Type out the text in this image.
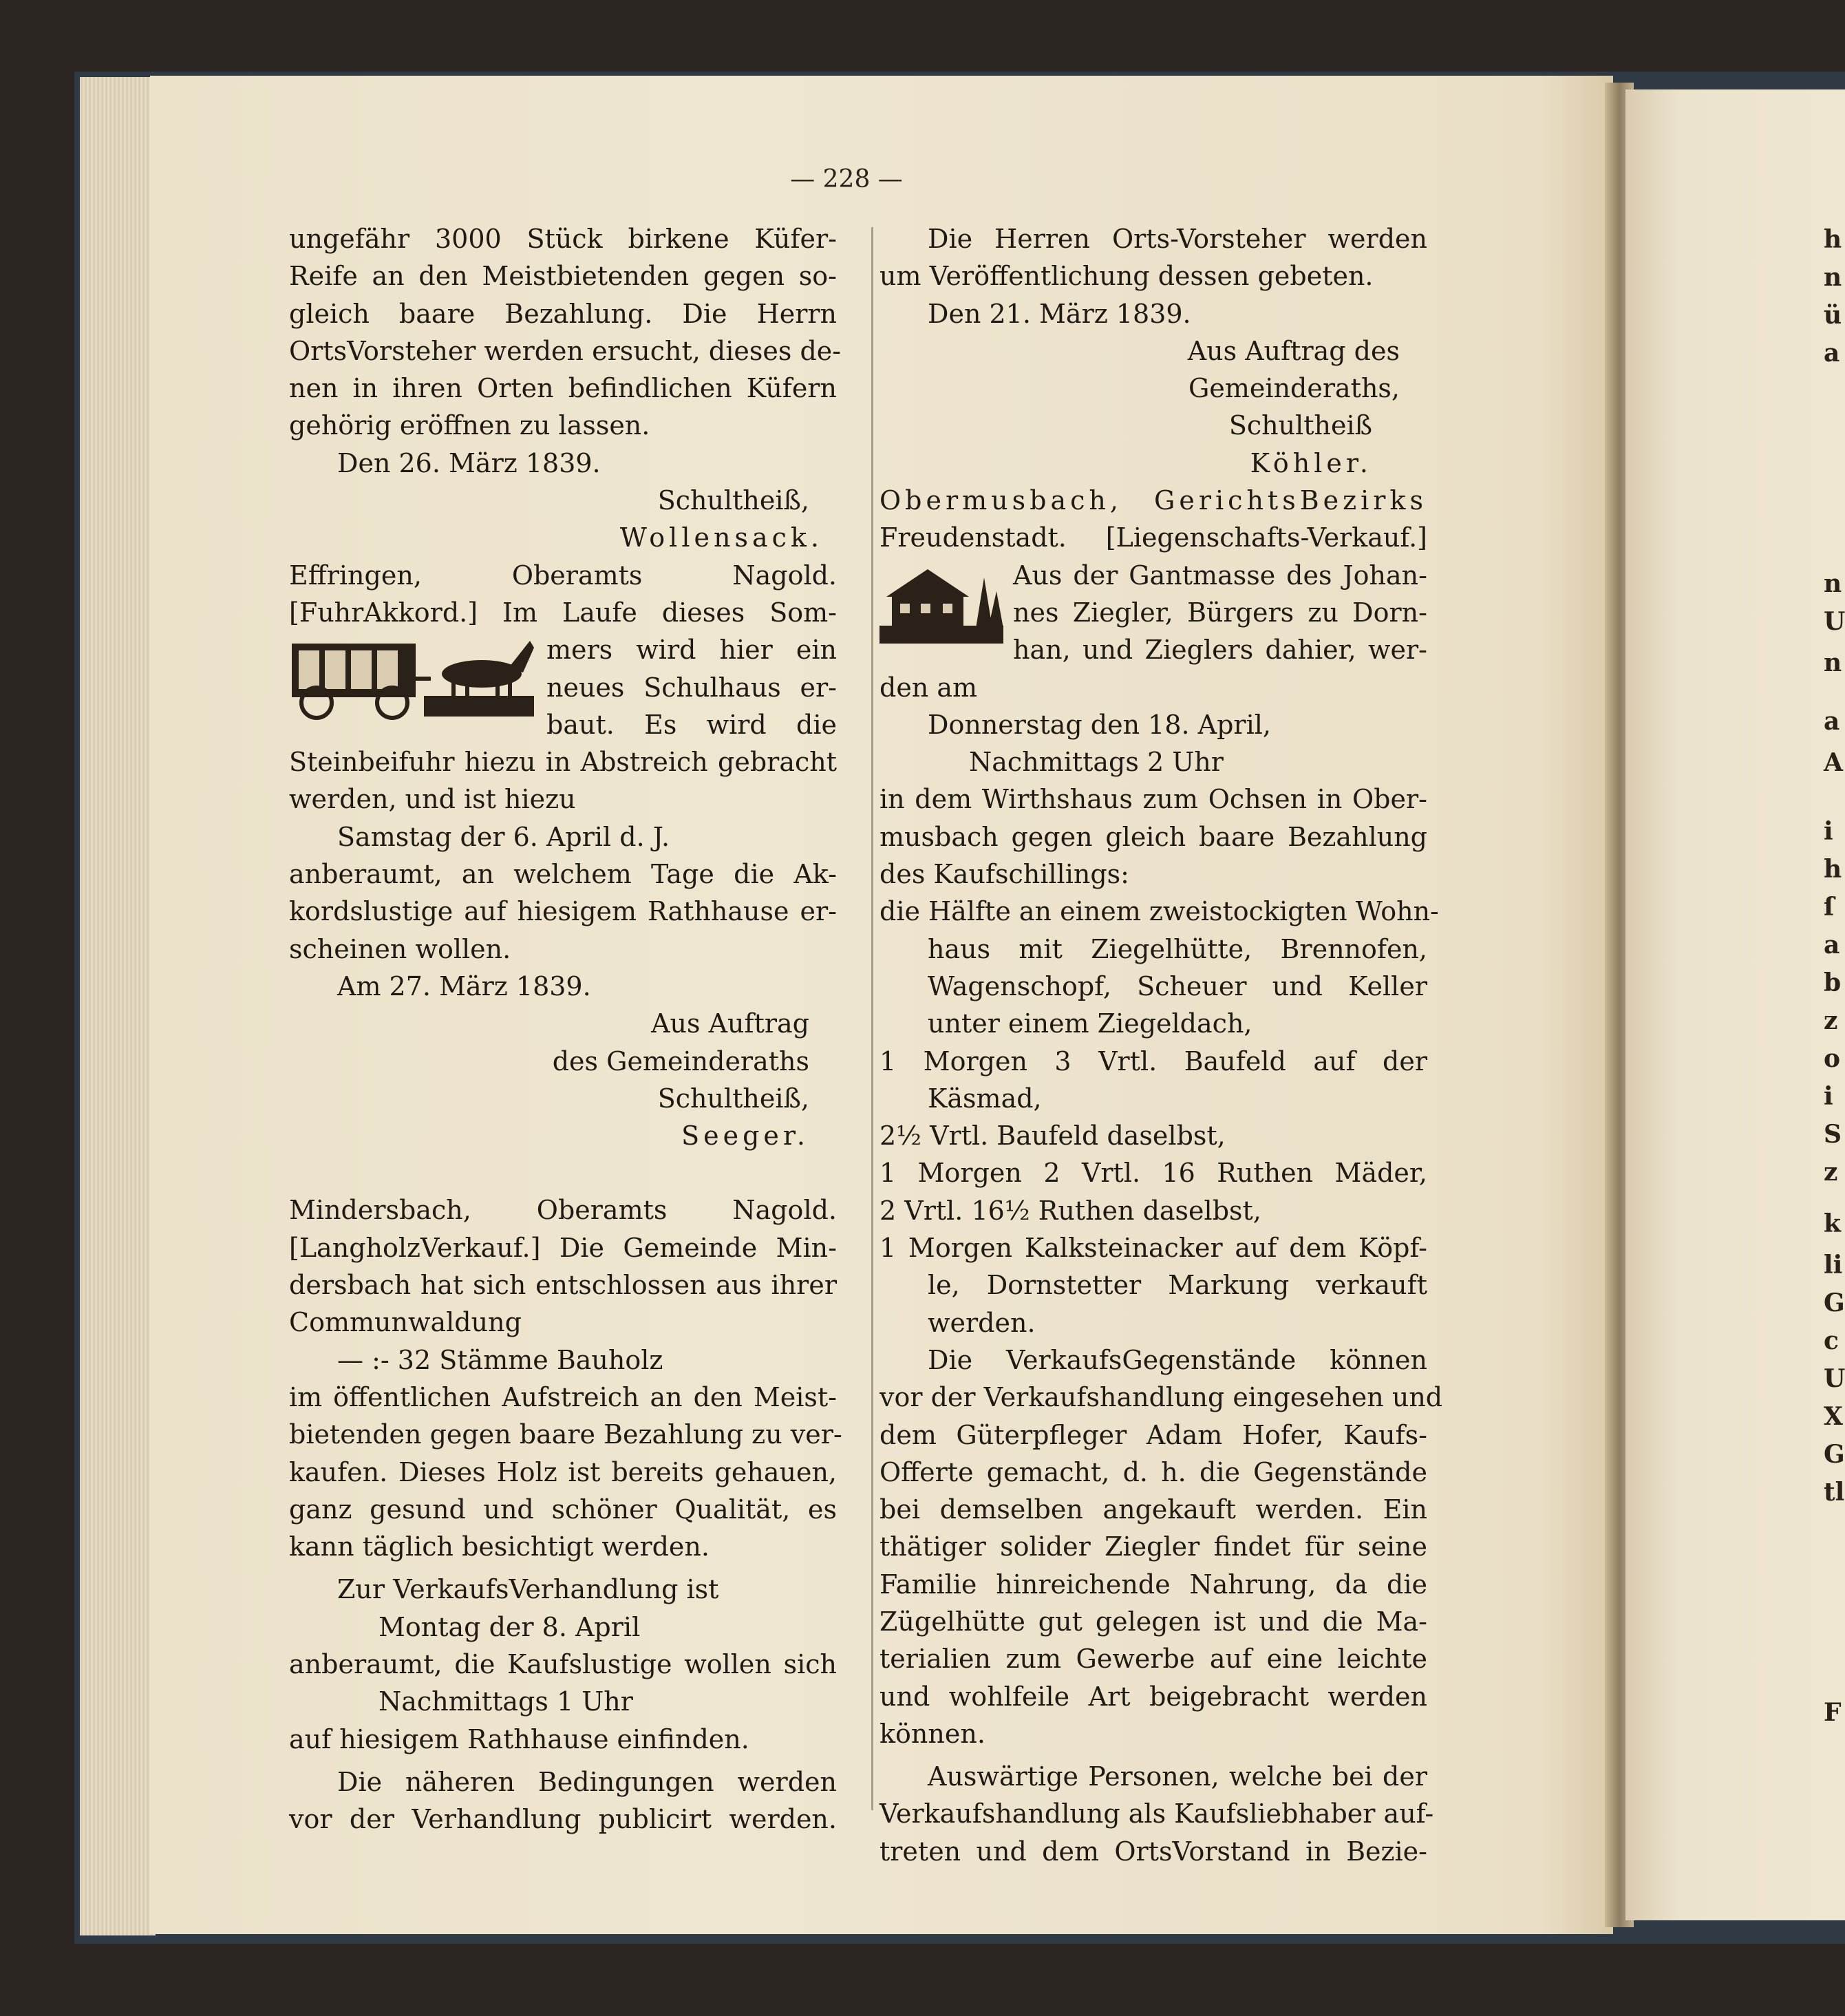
h
n
ü
a
n
U
n
a
A
i
h
ſ
a
b
z
o
i
S
z
k
li
G
c
U
X
G
tl
F
— 228 —
ungefähr 3000 Stück birkene Küfer-
Reife an den Meistbietenden gegen so-
gleich baare Bezahlung. Die Herrn
OrtsVorsteher werden ersucht, dieses de-
nen in ihren Orten befindlichen Küfern
gehörig eröffnen zu lassen.
Den 26. März 1839.
Schultheiß,
Wollensack.
Effringen, Oberamts Nagold.
[FuhrAkkord.] Im Laufe dieses Som-
mers wird hier ein
neues Schulhaus er-
baut. Es wird die
Steinbeifuhr hiezu in Abstreich gebracht
werden, und ist hiezu
Samstag der 6. April d. J.
anberaumt, an welchem Tage die Ak-
kordslustige auf hiesigem Rathhause er-
scheinen wollen.
Am 27. März 1839.
Aus Auftrag
des Gemeinderaths
Schultheiß,
Seeger.
Mindersbach, Oberamts Nagold.
[LangholzVerkauf.] Die Gemeinde Min-
dersbach hat sich entschlossen aus ihrer
Communwaldung
— :- 32 Stämme Bauholz
im öffentlichen Aufstreich an den Meist-
bietenden gegen baare Bezahlung zu ver-
kaufen. Dieses Holz ist bereits gehauen,
ganz gesund und schöner Qualität, es
kann täglich besichtigt werden.
Zur VerkaufsVerhandlung ist
Montag der 8. April
anberaumt, die Kaufslustige wollen sich
Nachmittags 1 Uhr
auf hiesigem Rathhause einfinden.
Die näheren Bedingungen werden
vor der Verhandlung publicirt werden.
Die Herren Orts-Vorsteher werden
um Veröffentlichung dessen gebeten.
Den 21. März 1839.
Aus Auftrag des
Gemeinderaths,
Schultheiß
Köhler.
Obermusbach, GerichtsBezirks
Freudenstadt. [Liegenschafts-Verkauf.]
Aus der Gantmasse des Johan-
nes Ziegler, Bürgers zu Dorn-
han, und Zieglers dahier, wer-
den am
Donnerstag den 18. April,
Nachmittags 2 Uhr
in dem Wirthshaus zum Ochsen in Ober-
musbach gegen gleich baare Bezahlung
des Kaufschillings:
die Hälfte an einem zweistockigten Wohn-
haus mit Ziegelhütte, Brennofen,
Wagenschopf, Scheuer und Keller
unter einem Ziegeldach,
1 Morgen 3 Vrtl. Baufeld auf der
Käsmad,
2½ Vrtl. Baufeld daselbst,
1 Morgen 2 Vrtl. 16 Ruthen Mäder,
2 Vrtl. 16½ Ruthen daselbst,
1 Morgen Kalksteinacker auf dem Köpf-
le, Dornstetter Markung verkauft
werden.
Die VerkaufsGegenstände können
vor der Verkaufshandlung eingesehen und
dem Güterpfleger Adam Hofer, Kaufs-
Offerte gemacht, d. h. die Gegenstände
bei demselben angekauft werden. Ein
thätiger solider Ziegler findet für seine
Familie hinreichende Nahrung, da die
Zügelhütte gut gelegen ist und die Ma-
terialien zum Gewerbe auf eine leichte
und wohlfeile Art beigebracht werden
können.
Auswärtige Personen, welche bei der
Verkaufshandlung als Kaufsliebhaber auf-
treten und dem OrtsVorstand in Bezie-
